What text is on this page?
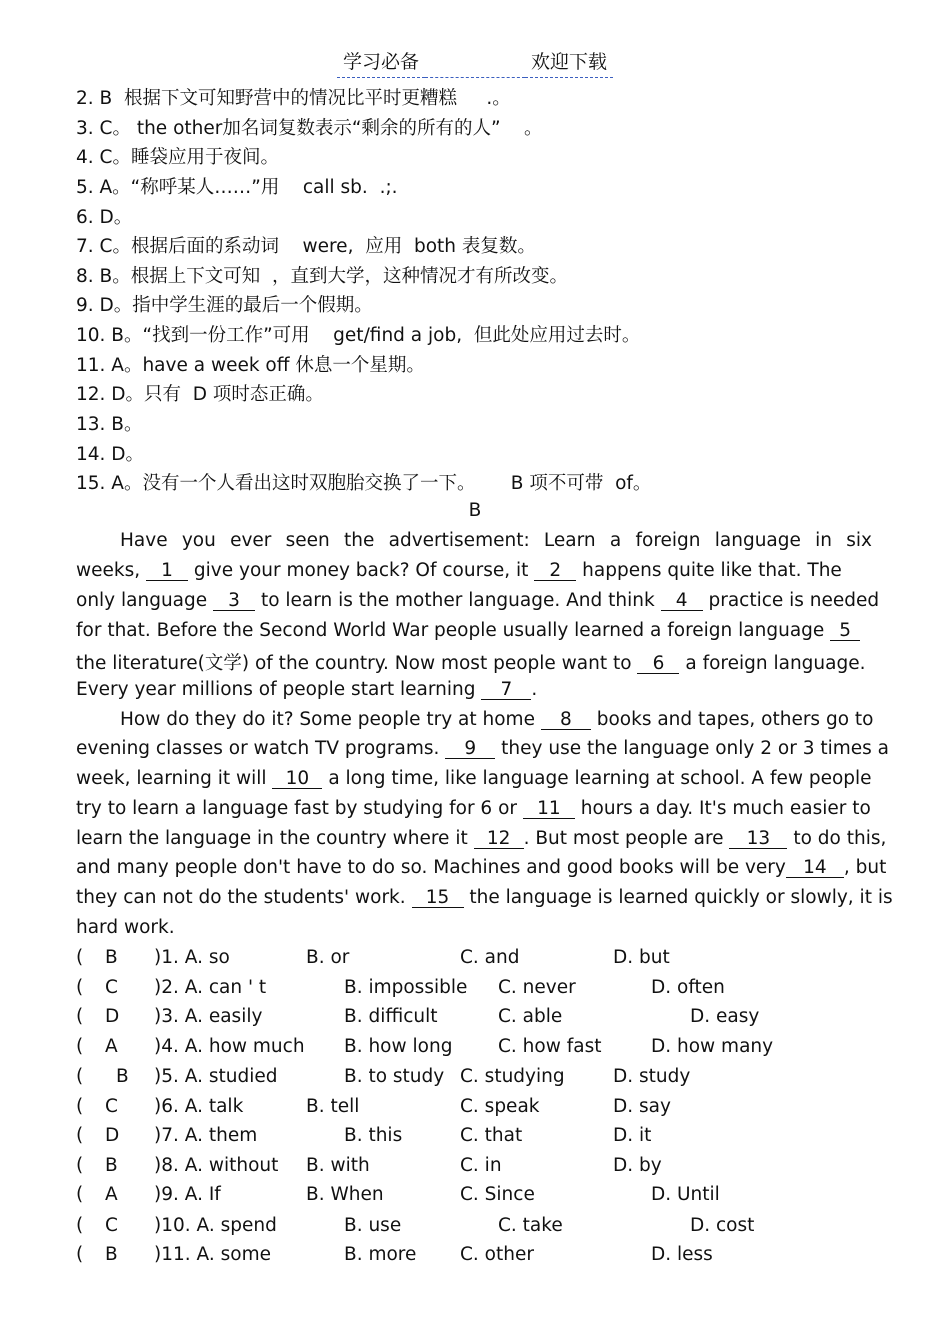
学习必备	欢迎下载
2. B  根据下文可知野营中的情况比平时更糟糕     .。
3. C。 the other加名词复数表示“剩余的所有的人”    。
4. C。睡袋应用于夜间。
5. A。“称呼某人……”用    call sb.  .;.
6. D。
7. C。根据后面的系动词    were,  应用  both 表复数。
8. B。根据上下文可知  ，直到大学，这种情况才有所改变。
9. D。指中学生涯的最后一个假期。
10. B。“找到一份工作”可用    get/find a job,  但此处应用过去时。
11. A。have a week off 休息一个星期。
12. D。只有  D 项时态正确。
13. B。
14. D。
15. A。没有一个人看出这时双胞胎交换了一下。      B 项不可带  of。
B
Have you ever seen the advertisement: Learn a foreign language in six
weeks, 1 give your money back? Of course, it 2 happens quite like that. The
only language 3 to learn is the mother language. And think 4 practice is needed
for that. Before the Second World War people usually learned a foreign language 5
the literature(文学) of the country. Now most people want to 6 a foreign language.
Every year millions of people start learning 7 .
How do they do it? Some people try at home 8 books and tapes, others go to
evening classes or watch TV programs. 9 they use the language only 2 or 3 times a
week, learning it will 10 a long time, like language learning at school. A few people
try to learn a language fast by studying for 6 or 11 hours a day. It's much easier to
learn the language in the country where it 12 . But most people are 13 to do this,
and many people don't have to do so. Machines and good books will be very 14 , but
they can not do the students' work. 15 the language is learned quickly or slowly, it is
hard work.
( B )1. A. so	B. or	C. and	D. but
( C )2. A. can ' t	B. impossible C. never	D. often
( D )3. A. easily	B. difficult	C. able	D. easy
( A )4. A. how much B. how long C. how fast	D. how many
( B )5. A. studied	B. to study C. studying	D. study
( C )6. A. talk	B. tell	C. speak	D. say
( D )7. A. them	B. this	C. that	D. it
( B )8. A. without B. with	C. in	D. by
( A )9. A. If	B. When	C. Since	D. Until
( C )10. A. spend	B. use	C. take	D. cost
( B )11. A. some	B. more C. other	D. less
